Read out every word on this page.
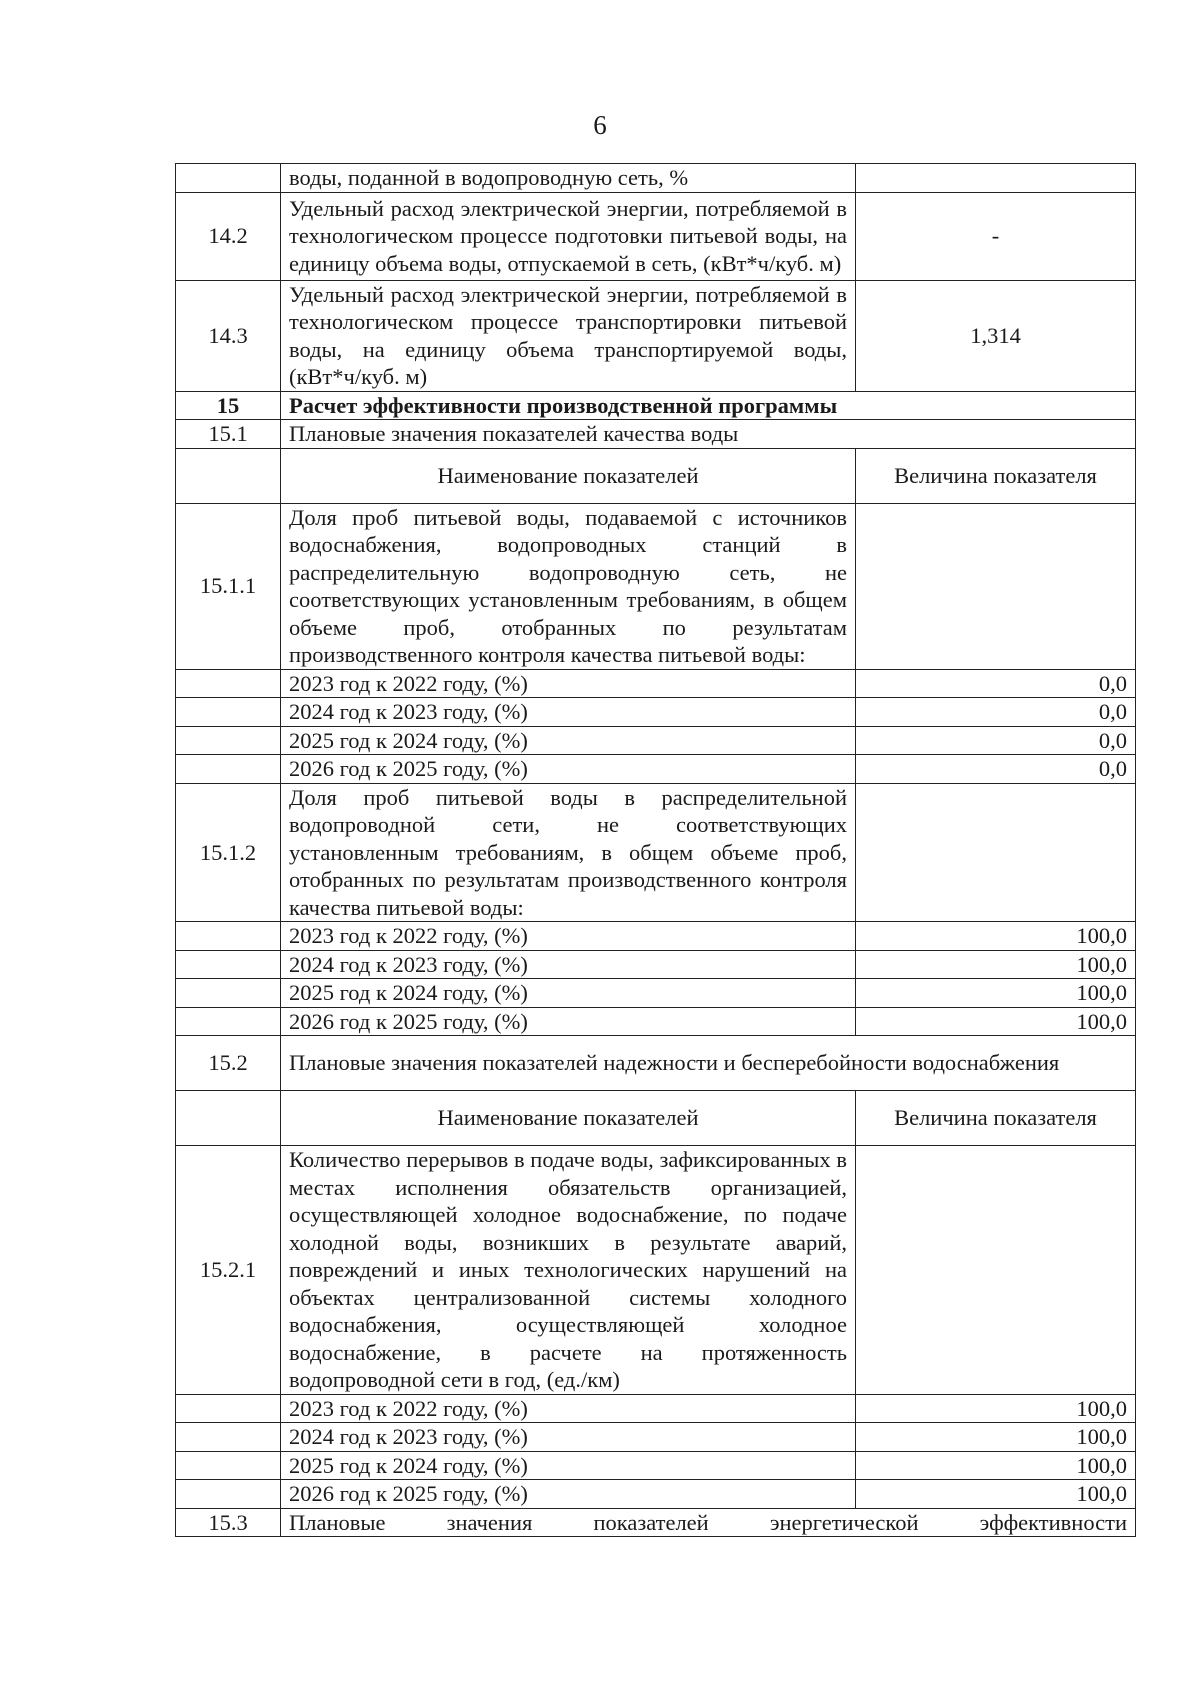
6
	воды, поданной в водопроводную сеть, %	
14.2	Удельный расход электрической энергии, потребляемой в технологическом процессе подготовки питьевой воды, на единицу объема воды, отпускаемой в сеть, (кВт*ч/куб. м)	-
14.3	Удельный расход электрической энергии, потребляемой в технологическом процессе транспортировки питьевой воды, на единицу объема транспортируемой воды, (кВт*ч/куб. м)	1,314
15	Расчет эффективности производственной программы	
15.1	Плановые значения показателей качества воды	
	Наименование показателей	Величина показателя
15.1.1	Доля проб питьевой воды, подаваемой с источников водоснабжения, водопроводных станций в распределительную водопроводную сеть, не соответствующих установленным требованиям, в общем объеме проб, отобранных по результатам производственного контроля качества питьевой воды:	
	2023 год к 2022 году, (%)	0,0
	2024 год к 2023 году, (%)	0,0
	2025 год к 2024 году, (%)	0,0
	2026 год к 2025 году, (%)	0,0
15.1.2	Доля проб питьевой воды в распределительной водопроводной сети, не соответствующих установленным требованиям, в общем объеме проб, отобранных по результатам производственного контроля качества питьевой воды:	
	2023 год к 2022 году, (%)	100,0
	2024 год к 2023 году, (%)	100,0
	2025 год к 2024 году, (%)	100,0
	2026 год к 2025 году, (%)	100,0
15.2	Плановые значения показателей надежности и бесперебойности водоснабжения	
	Наименование показателей	Величина показателя
15.2.1	Количество перерывов в подаче воды, зафиксированных в местах исполнения обязательств организацией, осуществляющей холодное водоснабжение, по подаче холодной воды, возникших в результате аварий, повреждений и иных технологических нарушений на объектах централизованной системы холодного водоснабжения, осуществляющей холодное водоснабжение, в расчете на протяженность водопроводной сети в год, (ед./км)	
	2023 год к 2022 году, (%)	100,0
	2024 год к 2023 году, (%)	100,0
	2025 год к 2024 году, (%)	100,0
	2026 год к 2025 году, (%)	100,0
15.3	Плановые значения показателей энергетической эффективности	
